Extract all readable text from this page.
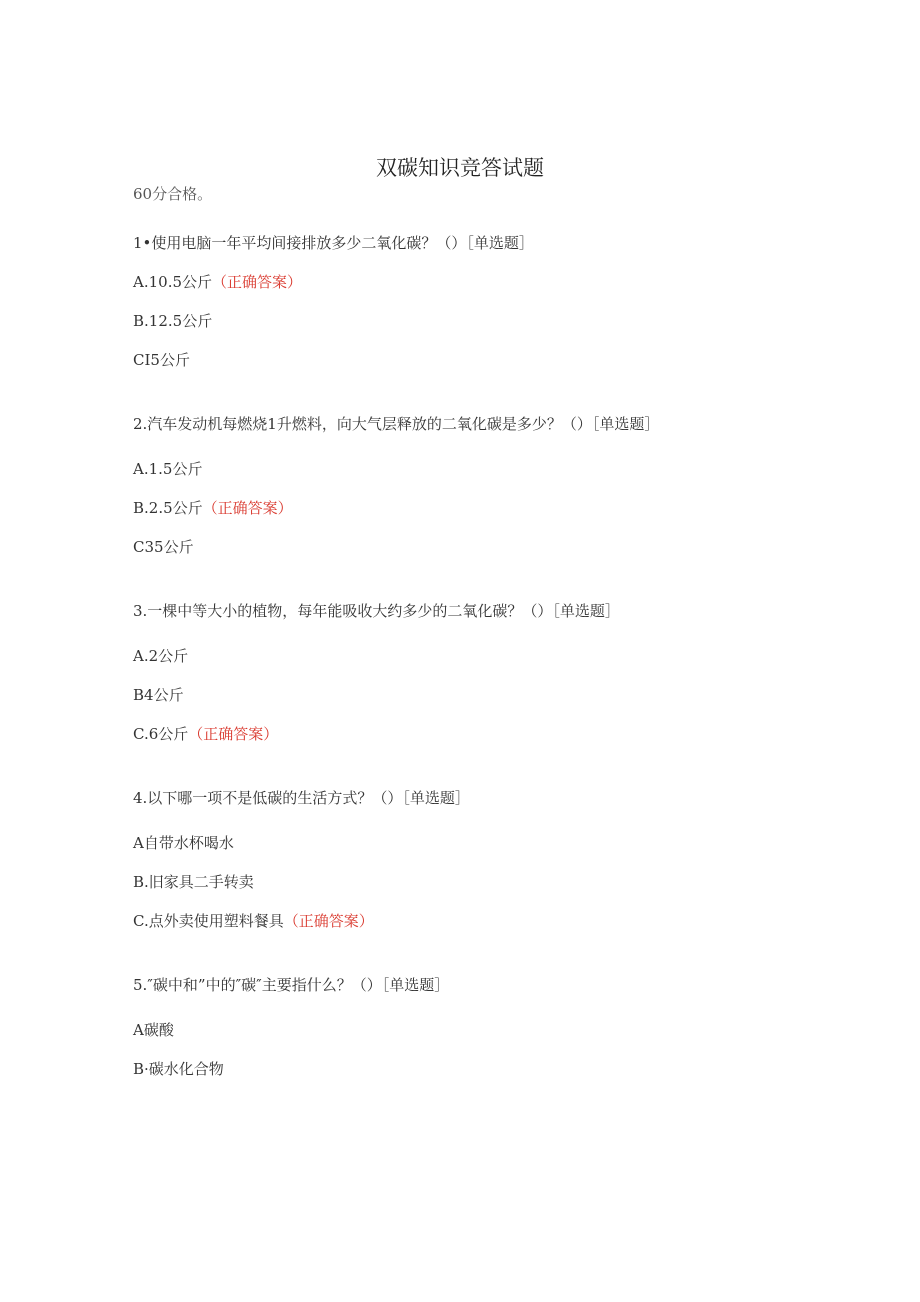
双碳知识竞答试题
60分合格。
1•使用电脑一年平均间接排放多少二氧化碳？（）［单选题］
A.10.5公斤（正确答案）
B.12.5公斤
CI5公斤
2.汽车发动机每燃烧1升燃料，向大气层释放的二氧化碳是多少？（）［单选题］
A.1.5公斤
B.2.5公斤（正确答案）
C35公斤
3.一棵中等大小的植物，每年能吸收大约多少的二氧化碳？（）［单选题］
A.2公斤
B4公斤
C.6公斤（正确答案）
4.以下哪一项不是低碳的生活方式？（）［单选题］
A自带水杯喝水
B.旧家具二手转卖
C.点外卖使用塑料餐具（正确答案）
5.″碳中和”中的″碳″主要指什么？（）［单选题］
A碳酸
B·碳水化合物
